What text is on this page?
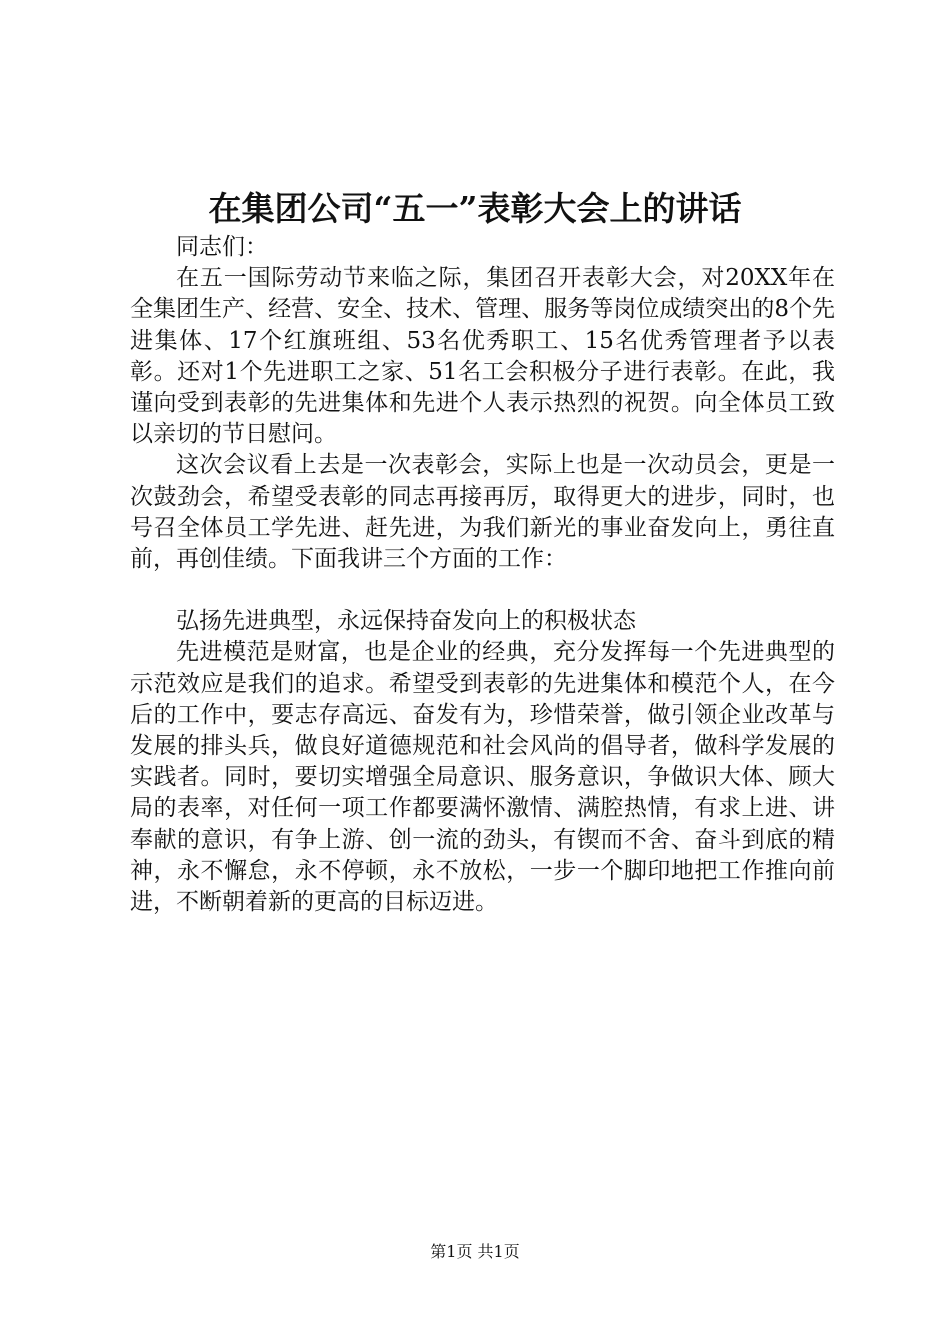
在集团公司“五一”表彰大会上的讲话

同志们：

在五一国际劳动节来临之际，集团召开表彰大会，对20XX年在全集团生产、经营、安全、技术、管理、服务等岗位成绩突出的8个先进集体、17个红旗班组、53名优秀职工、15名优秀管理者予以表彰。还对1个先进职工之家、51名工会积极分子进行表彰。在此，我谨向受到表彰的先进集体和先进个人表示热烈的祝贺。向全体员工致以亲切的节日慰问。

这次会议看上去是一次表彰会，实际上也是一次动员会，更是一次鼓劲会，希望受表彰的同志再接再厉，取得更大的进步，同时，也号召全体员工学先进、赶先进，为我们新光的事业奋发向上，勇往直前，再创佳绩。下面我讲三个方面的工作：

弘扬先进典型，永远保持奋发向上的积极状态

先进模范是财富，也是企业的经典，充分发挥每一个先进典型的示范效应是我们的追求。希望受到表彰的先进集体和模范个人，在今后的工作中，要志存高远、奋发有为，珍惜荣誉，做引领企业改革与发展的排头兵，做良好道德规范和社会风尚的倡导者，做科学发展的实践者。同时，要切实增强全局意识、服务意识，争做识大体、顾大局的表率，对任何一项工作都要满怀激情、满腔热情，有求上进、讲奉献的意识，有争上游、创一流的劲头，有锲而不舍、奋斗到底的精神，永不懈怠，永不停顿，永不放松，一步一个脚印地把工作推向前进，不断朝着新的更高的目标迈进。

第1页 共1页
